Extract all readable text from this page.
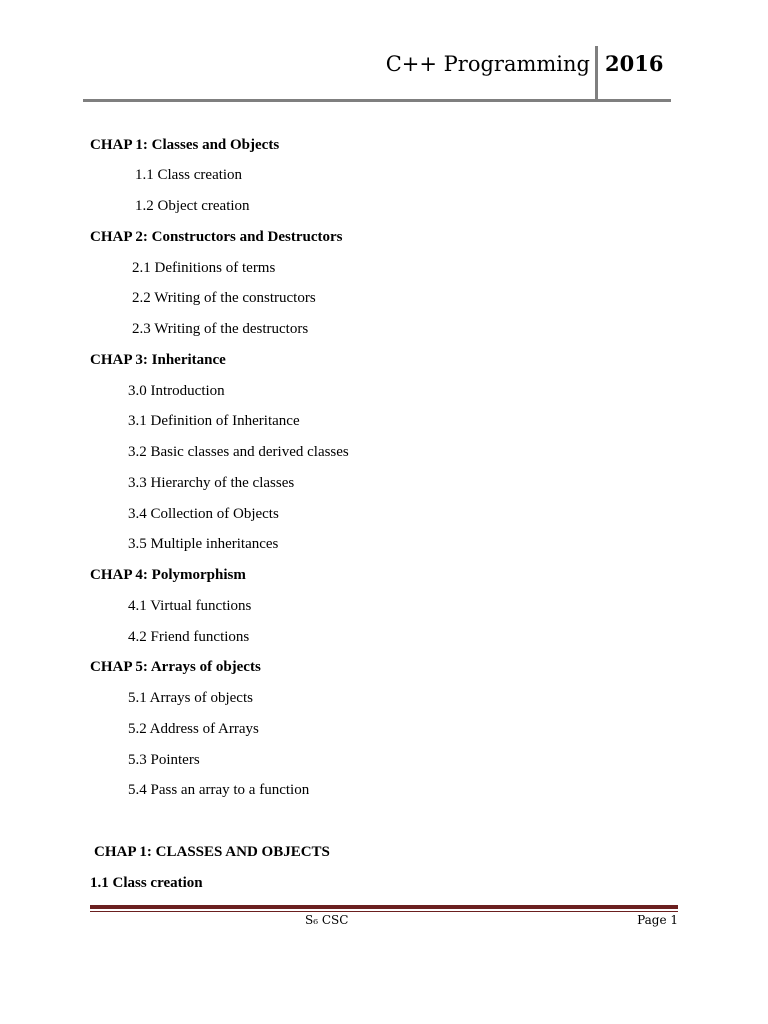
C++ Programming 2016
CHAP 1: Classes and Objects
1.1 Class creation
1.2 Object creation
CHAP 2: Constructors and Destructors
2.1 Definitions of terms
2.2 Writing of the constructors
2.3 Writing of the destructors
CHAP 3: Inheritance
3.0 Introduction
3.1 Definition of Inheritance
3.2 Basic classes and derived classes
3.3 Hierarchy of the classes
3.4 Collection of Objects
3.5 Multiple inheritances
CHAP 4: Polymorphism
4.1 Virtual functions
4.2 Friend functions
CHAP 5: Arrays of objects
5.1 Arrays of objects
5.2 Address of Arrays
5.3 Pointers
5.4 Pass an array to a function
CHAP 1: CLASSES AND OBJECTS
1.1 Class creation
S₆ CSC	Page 1
